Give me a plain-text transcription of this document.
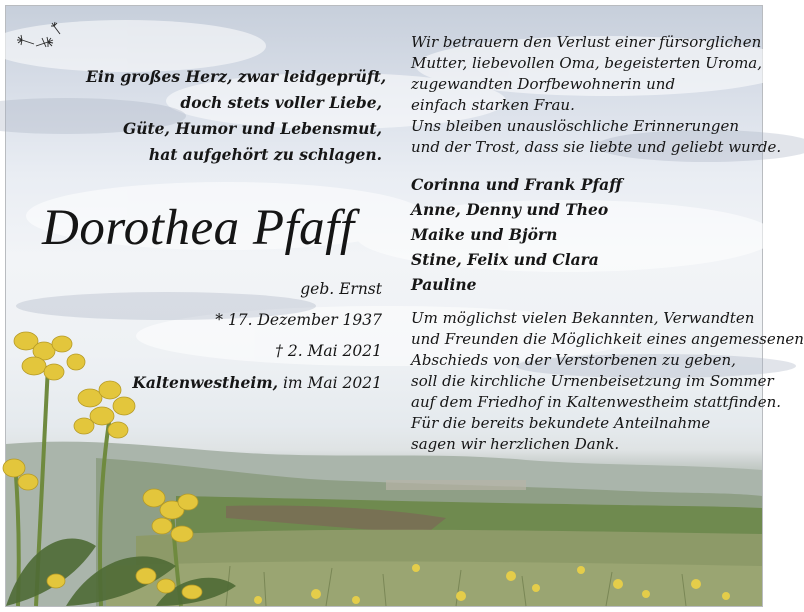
Ein großes Herz, zwar leidgeprüft,
doch stets voller Liebe,
Güte, Humor und Lebensmut,
hat aufgehört zu schlagen.
Dorothea Pfaff
geb. Ernst
* 17. Dezember 1937
† 2. Mai 2021
Kaltenwestheim, im Mai 2021
Wir betrauern den Verlust einer fürsorglichen
Mutter, liebevollen Oma, begeisterten Uroma,
zugewandten Dorfbewohnerin und
einfach starken Frau.
Uns bleiben unauslöschliche Erinnerungen
und der Trost, dass sie liebte und geliebt wurde.
Corinna und Frank Pfaff
Anne, Denny und Theo
Maike und Björn
Stine, Felix und Clara
Pauline
Um möglichst vielen Bekannten, Verwandten
und Freunden die Möglichkeit eines angemessenen
Abschieds von der Verstorbenen zu geben,
soll die kirchliche Urnenbeisetzung im Sommer
auf dem Friedhof in Kaltenwestheim stattfinden.
Für die bereits bekundete Anteilnahme
sagen wir herzlichen Dank.
